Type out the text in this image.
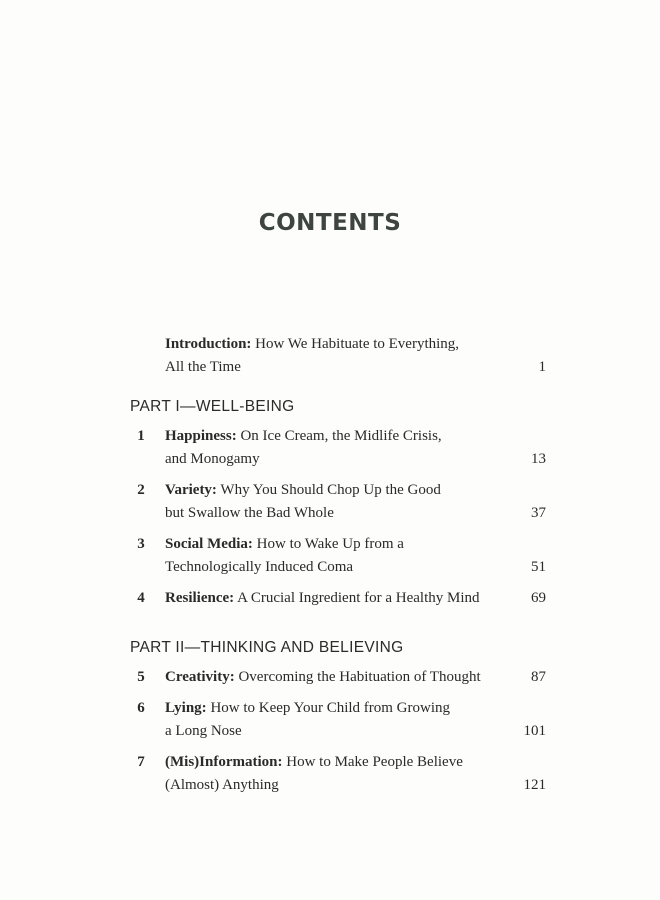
CONTENTS
Introduction: How We Habituate to Everything,
All the Time	1
PART I—WELL-BEING
1	Happiness: On Ice Cream, the Midlife Crisis,
and Monogamy	13
2	Variety: Why You Should Chop Up the Good
but Swallow the Bad Whole	37
3	Social Media: How to Wake Up from a
Technologically Induced Coma	51
4	Resilience: A Crucial Ingredient for a Healthy Mind	69
PART II—THINKING AND BELIEVING
5	Creativity: Overcoming the Habituation of Thought	87
6	Lying: How to Keep Your Child from Growing
a Long Nose	101
7	(Mis)Information: How to Make People Believe
(Almost) Anything	121
